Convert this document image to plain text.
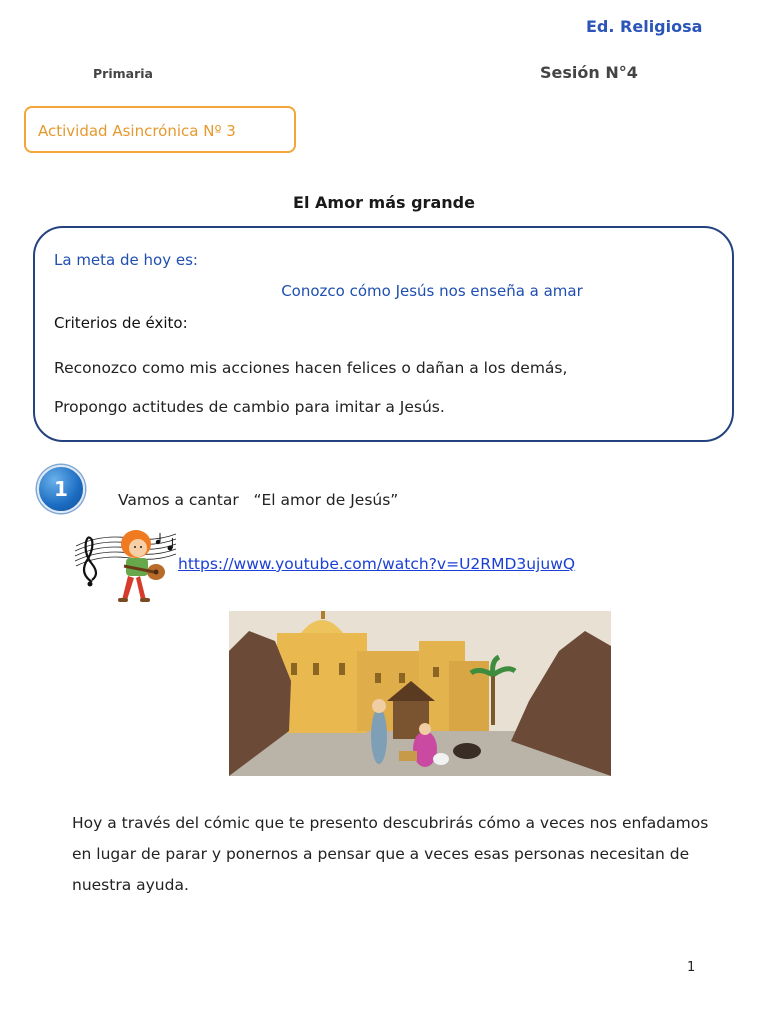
Ed. Religiosa
Primaria	Sesión N°4
Actividad Asincrónica Nº 3
El Amor más grande
La meta de hoy es:
Conozco cómo Jesús nos enseña a amar
Criterios de éxito:
Reconozco como mis acciones hacen felices o dañan a los demás,
Propongo actitudes de cambio para imitar a Jesús.
1	Vamos a cantar   “El amor de Jesús”
https://www.youtube.com/watch?v=U2RMD3ujuwQ
Hoy a través del cómic que te presento descubrirás cómo a veces nos enfadamos en lugar de parar y ponernos a pensar que a veces esas personas necesitan de nuestra ayuda.
1
